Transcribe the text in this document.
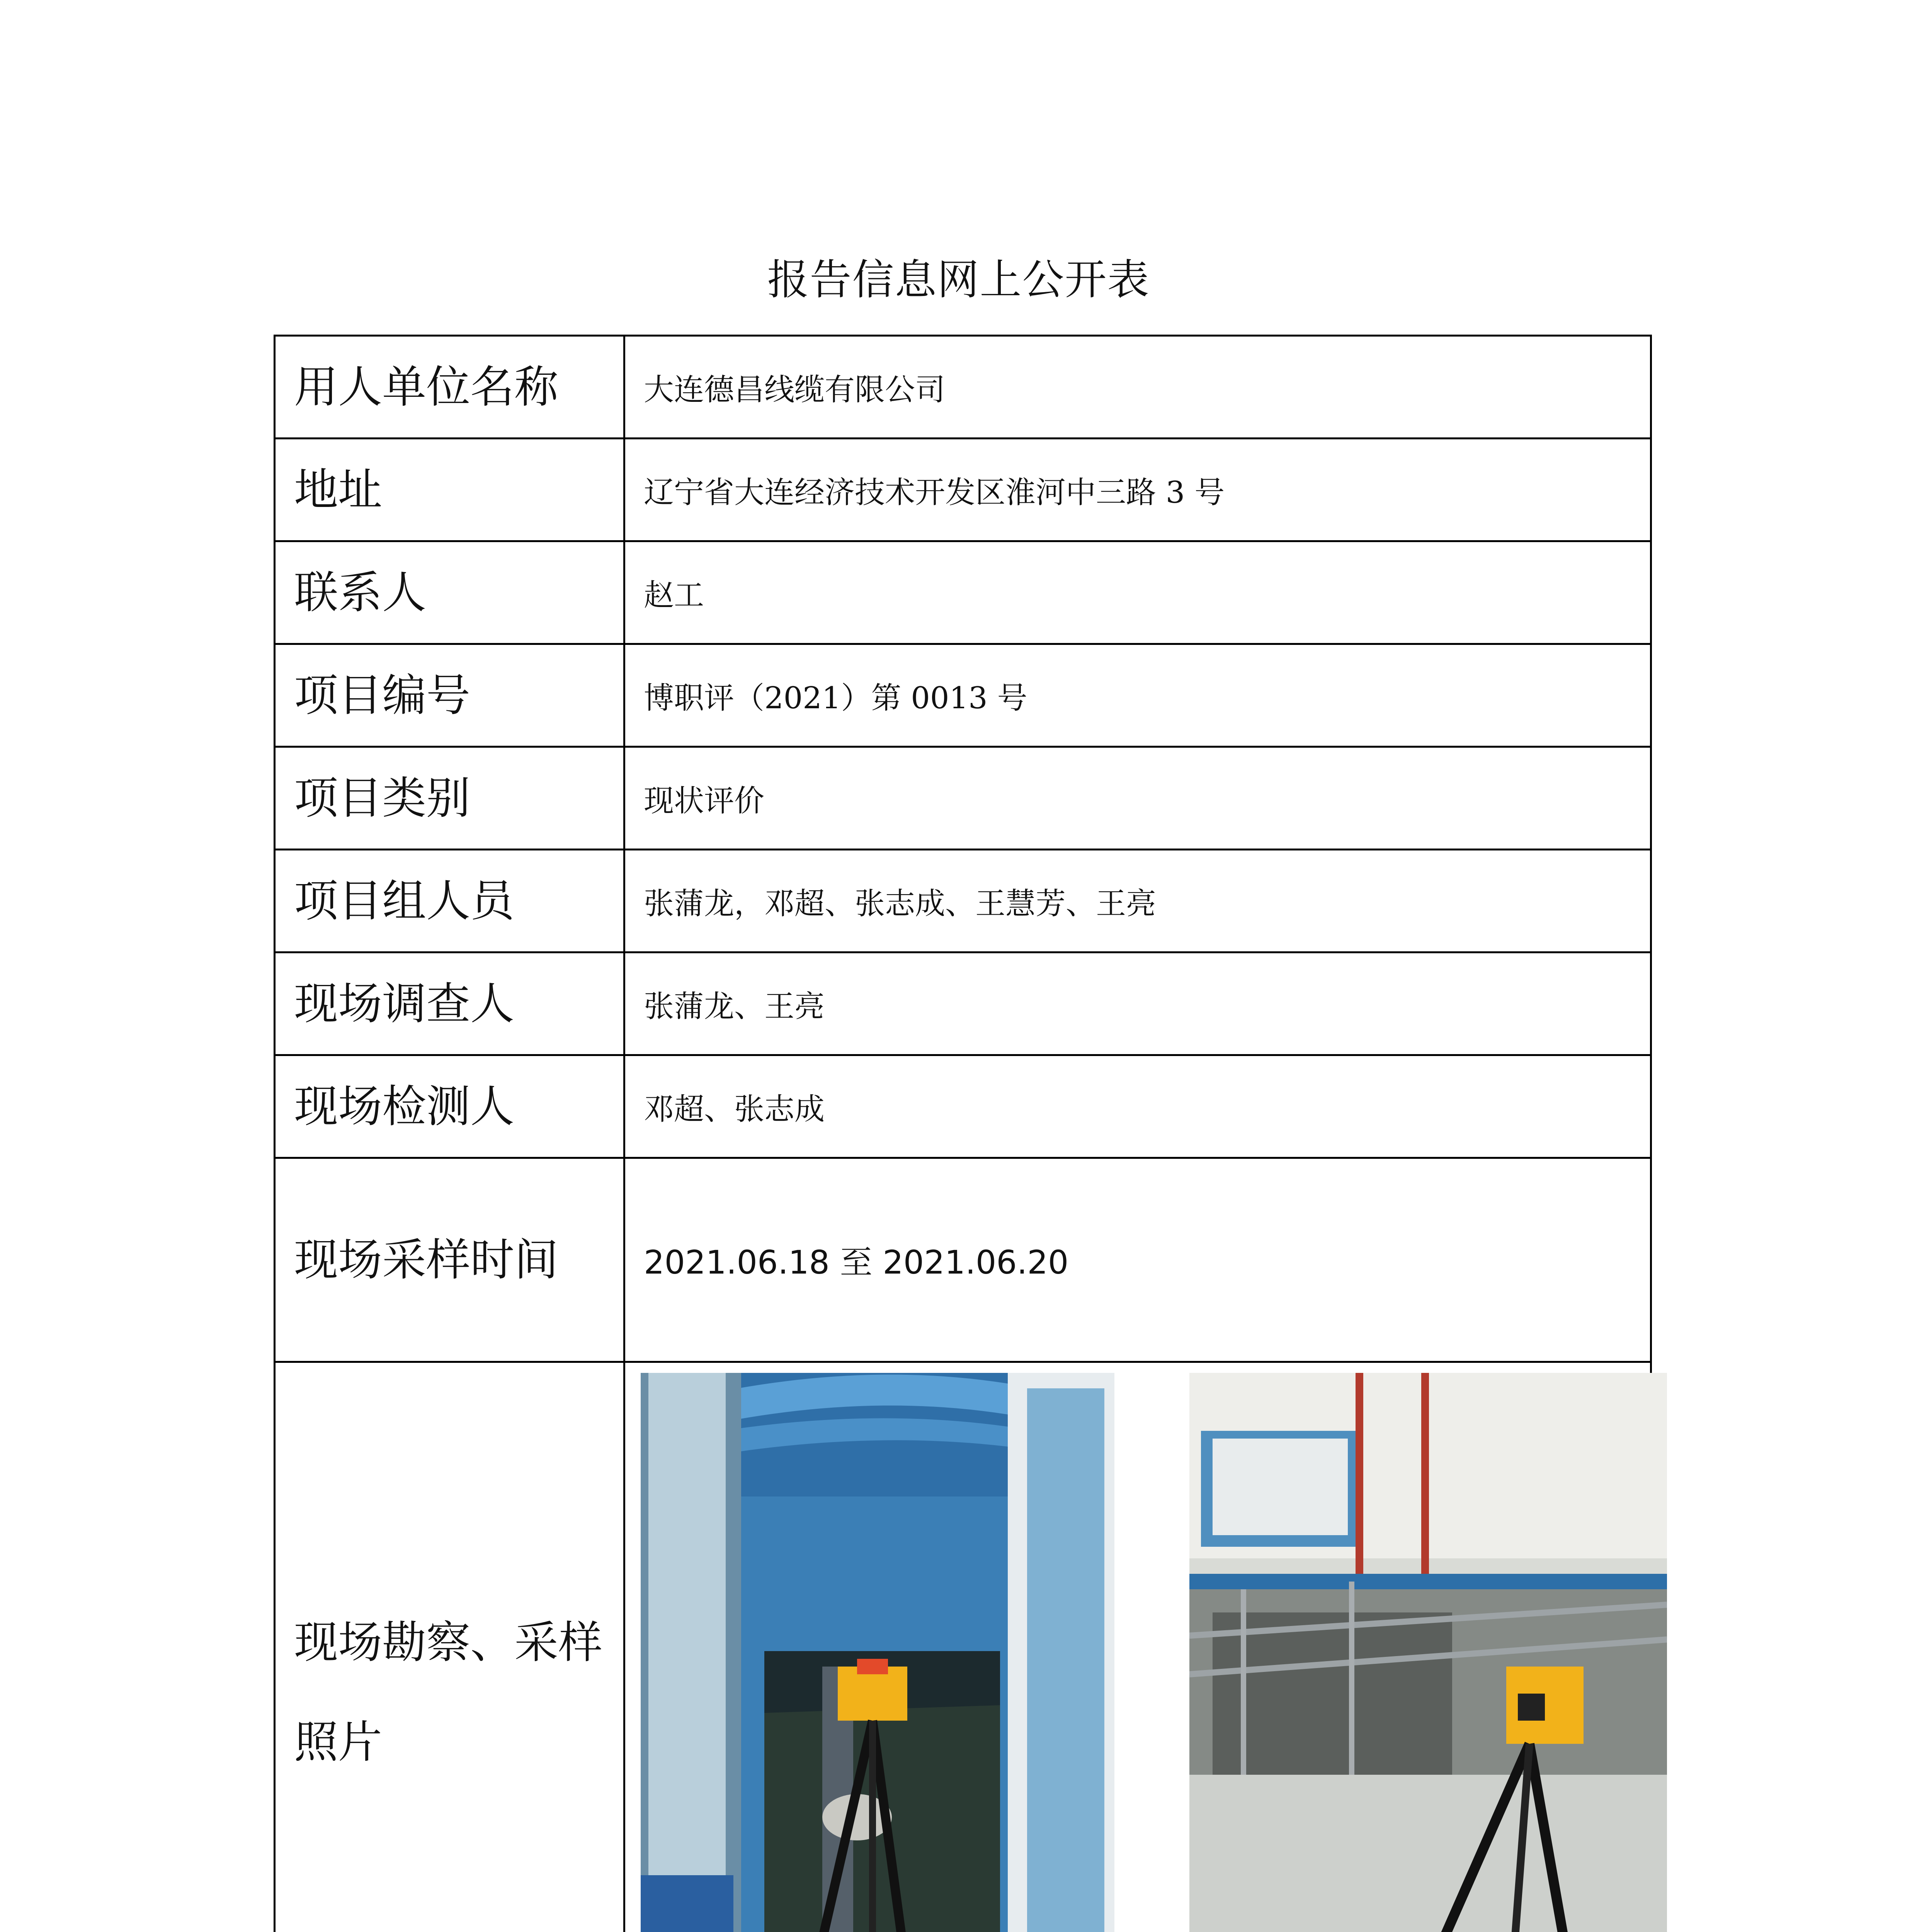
报告信息网上公开表
用人单位名称	大连德昌线缆有限公司
地址	辽宁省大连经济技术开发区淮河中三路 3 号
联系人	赵工
项目编号	博职评（2021）第 0013 号
项目类别	现状评价
项目组人员	张蒲龙，邓超、张志成、王慧芳、王亮
现场调查人	张蒲龙、王亮
现场检测人	邓超、张志成
现场采样时间	2021.06.18 至 2021.06.20
现场勘察、采样照片	
